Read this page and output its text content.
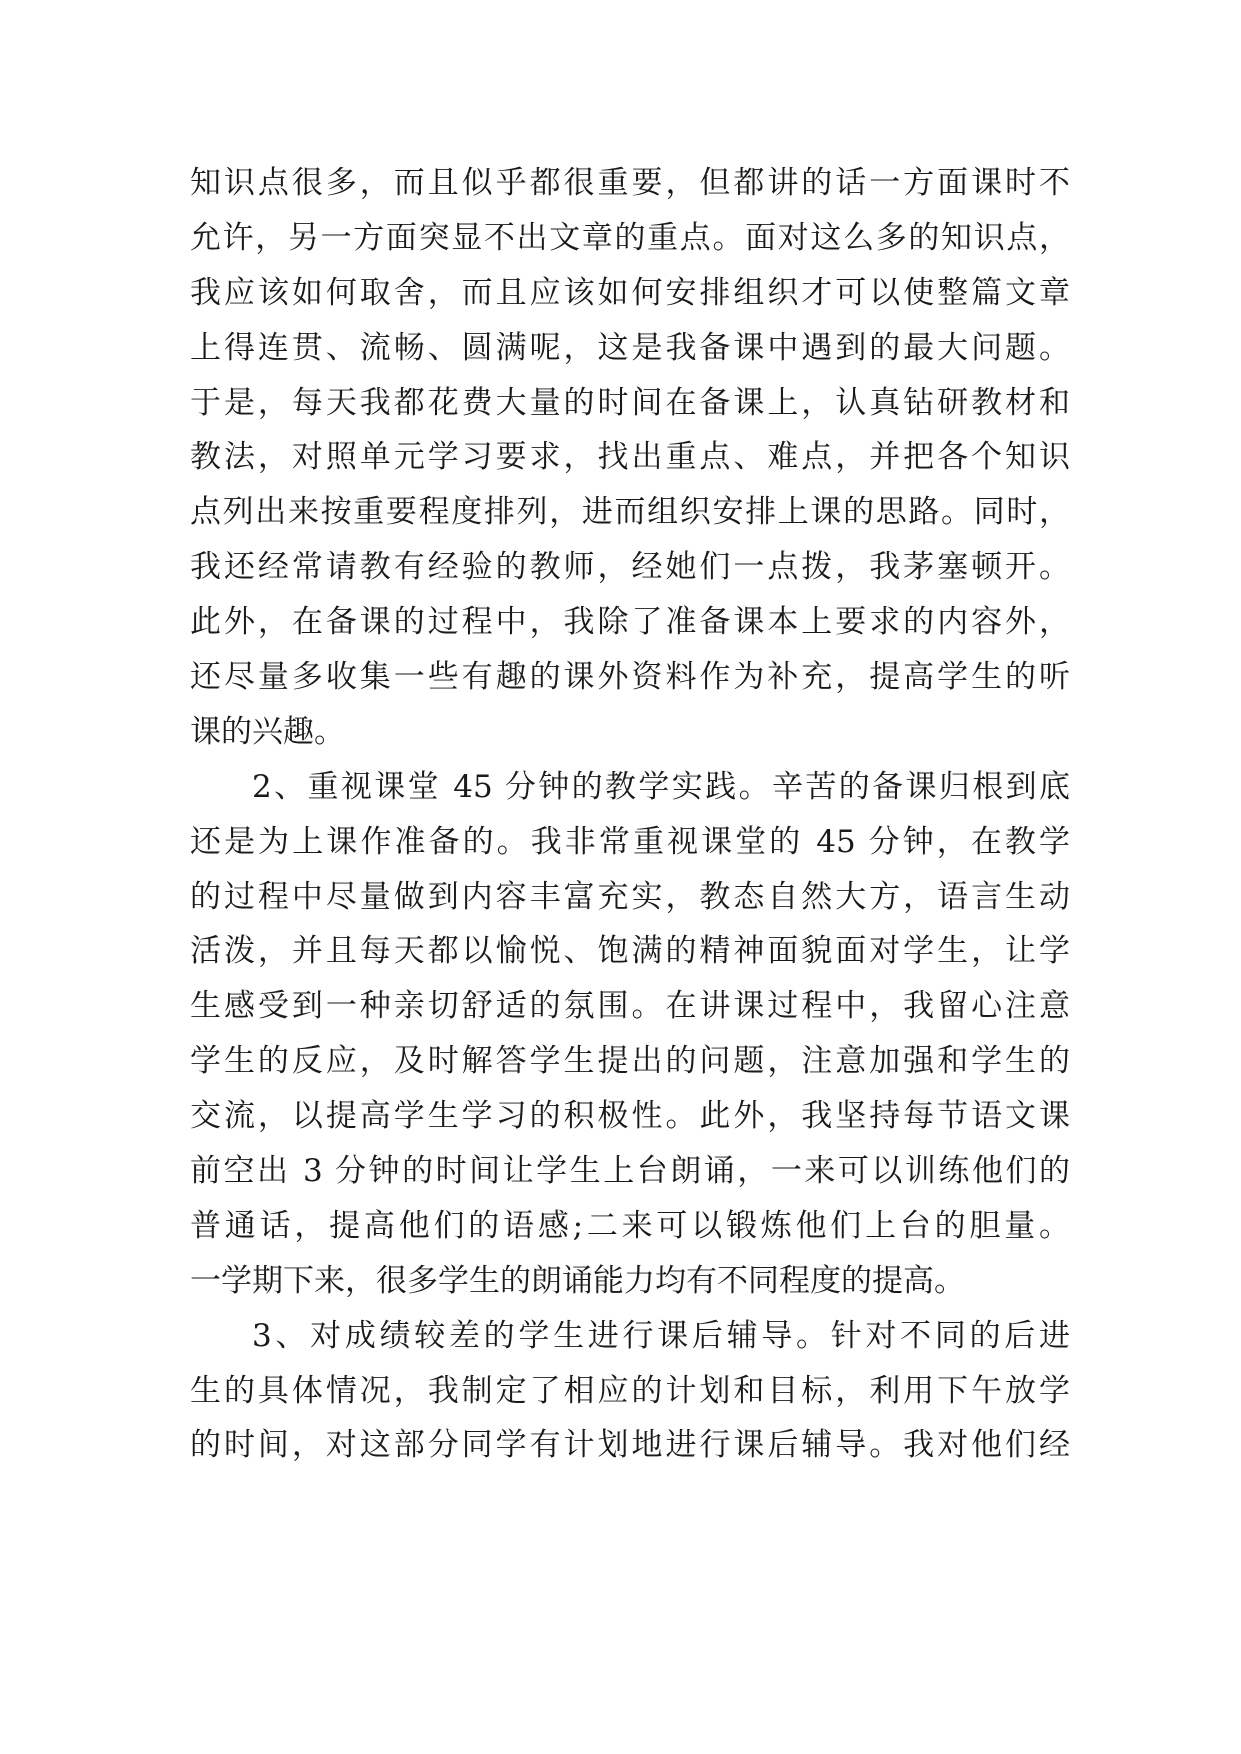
知识点很多，而且似乎都很重要，但都讲的话一方面课时不
允许，另一方面突显不出文章的重点。面对这么多的知识点，
我应该如何取舍，而且应该如何安排组织才可以使整篇文章
上得连贯、流畅、圆满呢，这是我备课中遇到的最大问题。
于是，每天我都花费大量的时间在备课上，认真钻研教材和
教法，对照单元学习要求，找出重点、难点，并把各个知识
点列出来按重要程度排列，进而组织安排上课的思路。同时，
我还经常请教有经验的教师，经她们一点拨，我茅塞顿开。
此外，在备课的过程中，我除了准备课本上要求的内容外，
还尽量多收集一些有趣的课外资料作为补充，提高学生的听
课的兴趣。
2、重视课堂 45 分钟的教学实践。辛苦的备课归根到底
还是为上课作准备的。我非常重视课堂的 45 分钟，在教学
的过程中尽量做到内容丰富充实，教态自然大方，语言生动
活泼，并且每天都以愉悦、饱满的精神面貌面对学生，让学
生感受到一种亲切舒适的氛围。在讲课过程中，我留心注意
学生的反应，及时解答学生提出的问题，注意加强和学生的
交流，以提高学生学习的积极性。此外，我坚持每节语文课
前空出 3 分钟的时间让学生上台朗诵，一来可以训练他们的
普通话，提高他们的语感;二来可以锻炼他们上台的胆量。
一学期下来，很多学生的朗诵能力均有不同程度的提高。
3、对成绩较差的学生进行课后辅导。针对不同的后进
生的具体情况，我制定了相应的计划和目标，利用下午放学
的时间，对这部分同学有计划地进行课后辅导。我对他们经
